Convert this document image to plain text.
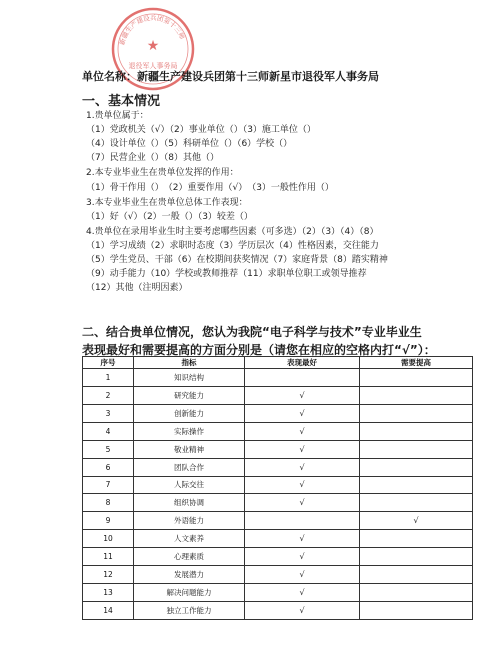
★
退役军人事务局
新疆生产建设兵团第十三师
单位名称：新疆生产建设兵团第十三师新星市退役军人事务局
一、基本情况
1.贵单位属于：
（1）党政机关（√）（2）事业单位（）（3）施工单位（）
（4）设计单位（）（5）科研单位（）（6）学校（）
（7）民营企业（）（8）其他（）
2.本专业毕业生在贵单位发挥的作用：
（1）骨干作用（）　（2）重要作用（√）　（3）一般性作用（）
3.本专业毕业生在贵单位总体工作表现：
（1）好（√）（2）一般（）（3）较差（）
4.贵单位在录用毕业生时主要考虑哪些因素（可多选）（2）（3）（4）（8）
（1）学习成绩（2）求职时态度（3）学历层次（4）性格因素，交往能力
（5）学生党员、干部（6）在校期间获奖情况（7）家庭背景（8）踏实精神
（9）动手能力（10）学校或教师推荐（11）求职单位职工或领导推荐
（12）其他（注明因素）
二、结合贵单位情况，您认为我院“电子科学与技术”专业毕业生
表现最好和需要提高的方面分别是（请您在相应的空格内打“√”）：
序号	指标	表现最好	需要提高
1	知识结构		
2	研究能力	√	
3	创新能力	√	
4	实际操作	√	
5	敬业精神	√	
6	团队合作	√	
7	人际交往	√	
8	组织协调	√	
9	外语能力		√
10	人文素养	√	
11	心理素质	√	
12	发展潜力	√	
13	解决问题能力	√	
14	独立工作能力	√	
